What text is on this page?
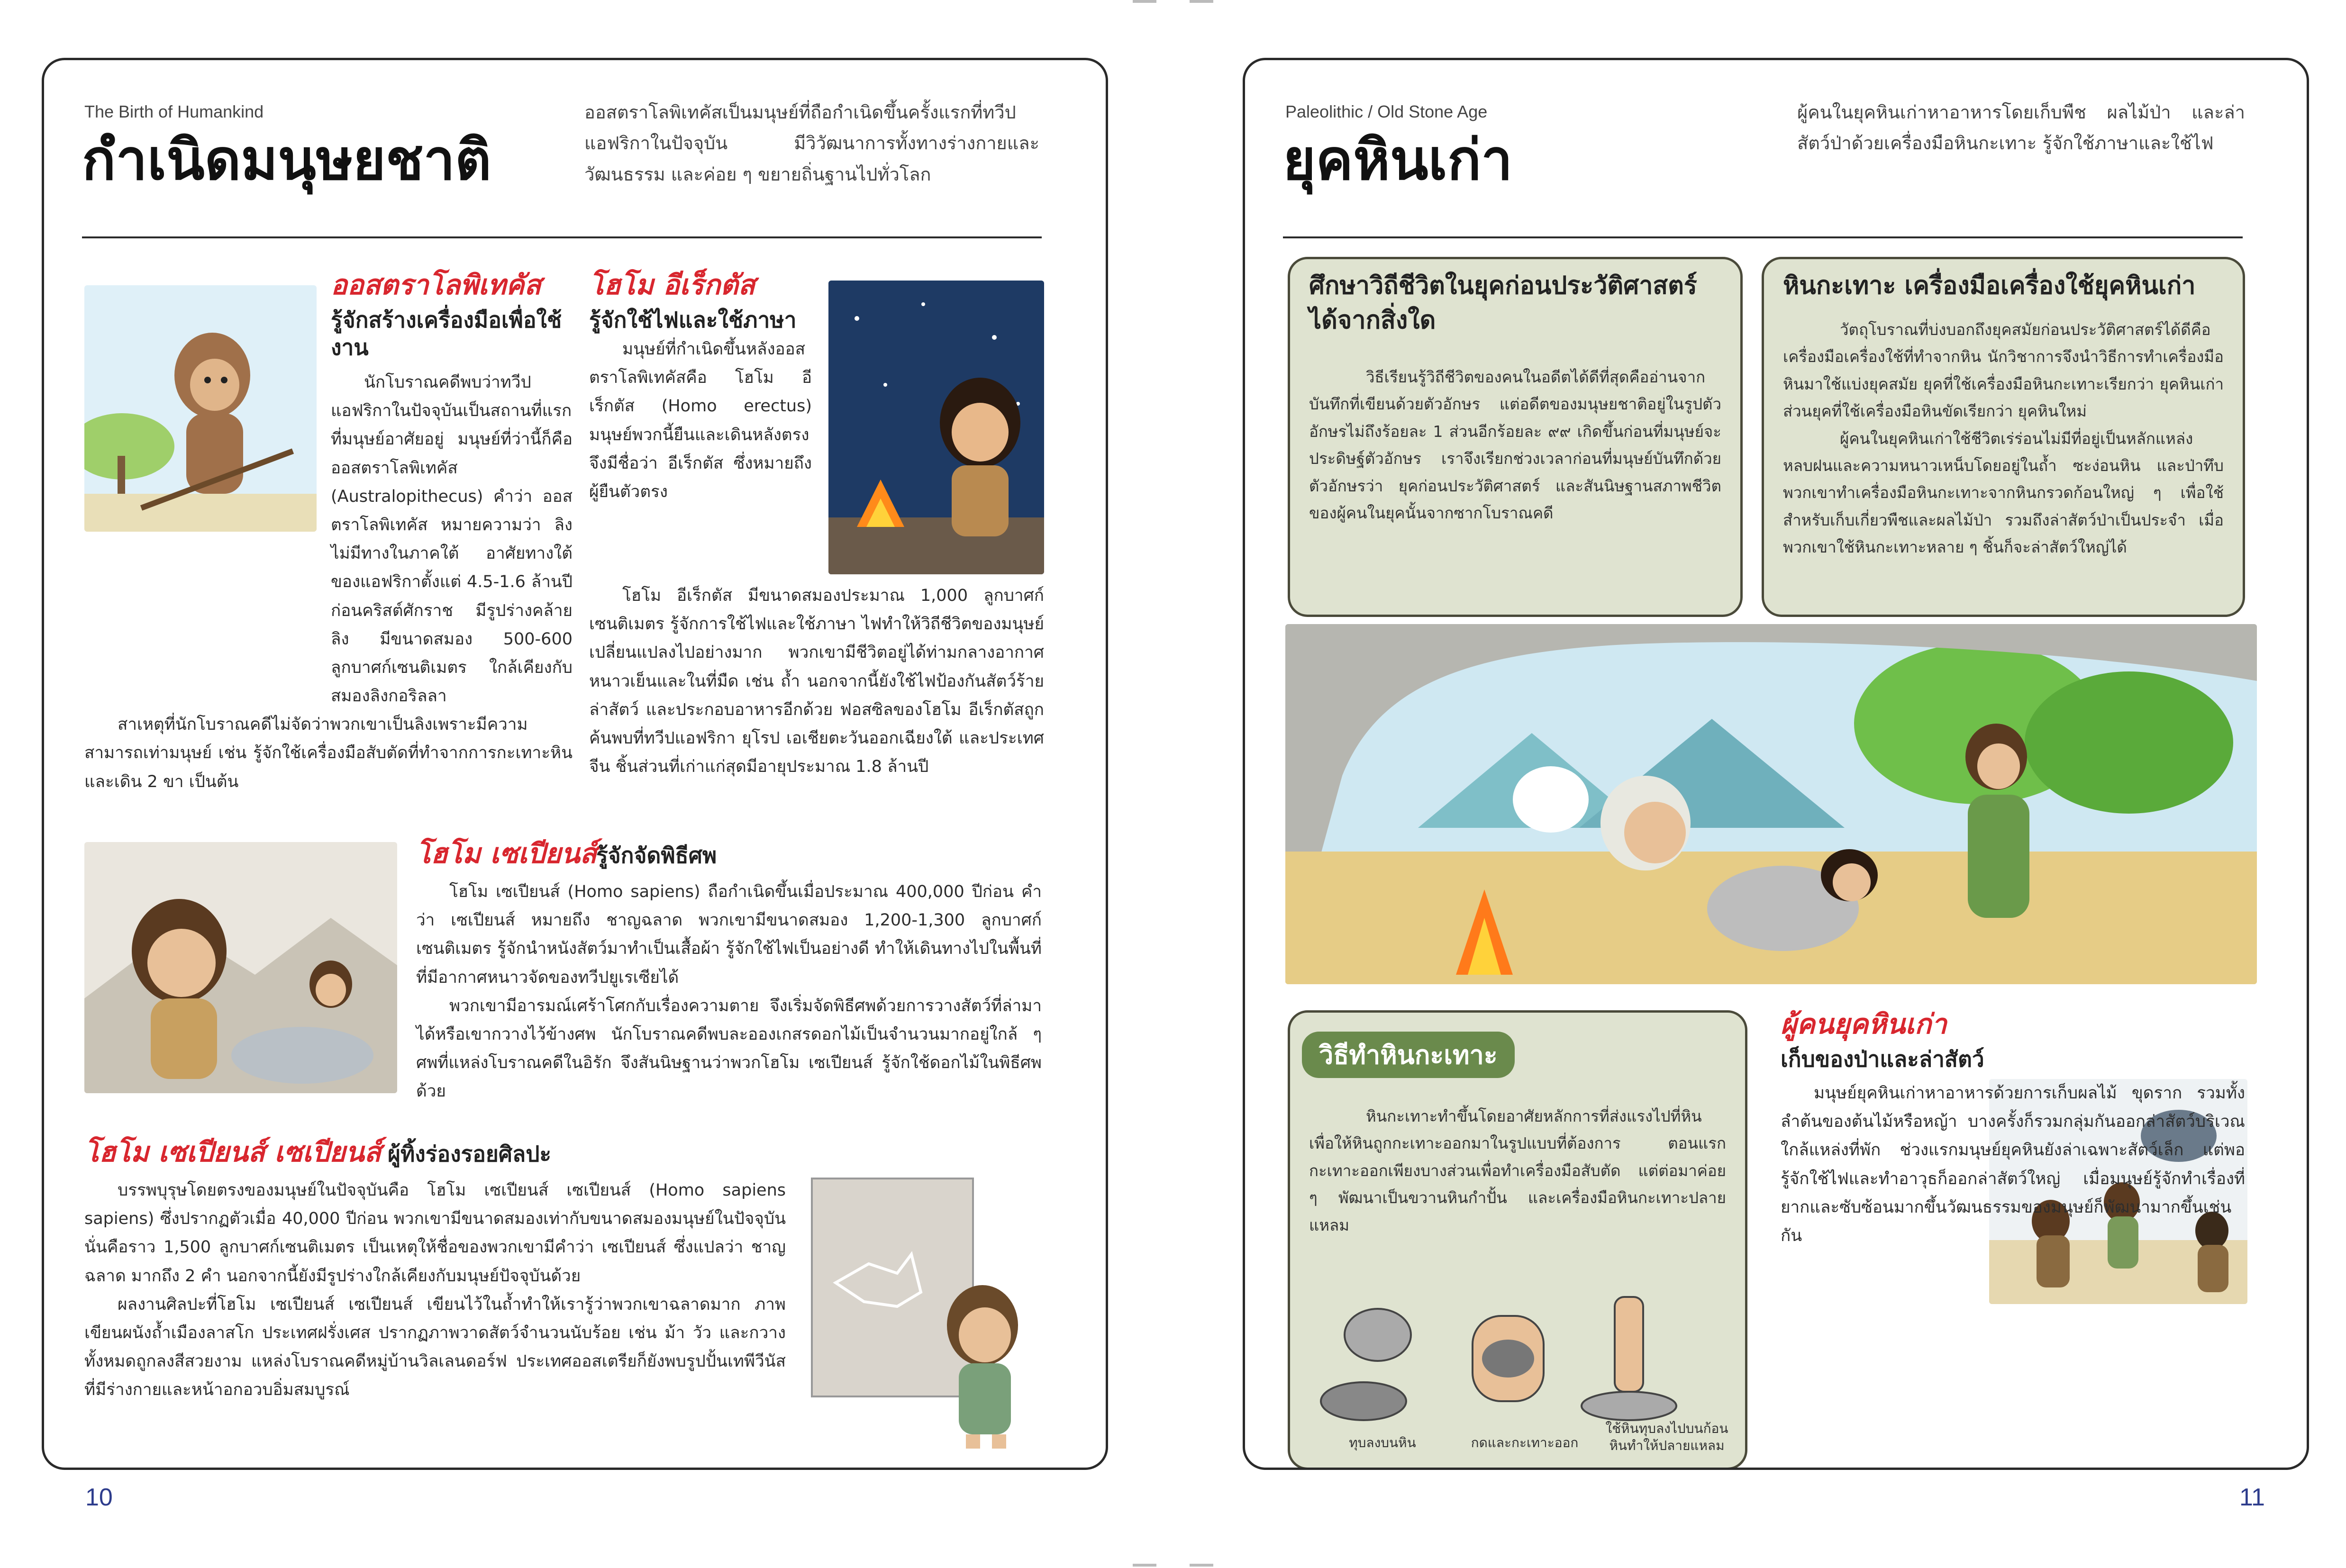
The Birth of Humankind
กำเนิดมนุษยชาติ
ออสตราโลพิเทคัสเป็นมนุษย์ที่ถือกำเนิดขึ้นครั้งแรกที่ทวีปแอฟริกาในปัจจุบัน มีวิวัฒนาการทั้งทางร่างกายและวัฒนธรรม และค่อย ๆ ขยายถิ่นฐานไปทั่วโลก
ออสตราโลพิเทคัส
รู้จักสร้างเครื่องมือเพื่อใช้งาน

นักโบราณคดีพบว่าทวีปแอฟริกาในปัจจุบันเป็นสถานที่แรกที่มนุษย์อาศัยอยู่ มนุษย์ที่ว่านี้ก็คือ ออสตราโลพิเทคัส (Australopithecus) คำว่า ออสตราโลพิเทคัส หมายความว่า ลิงไม่มีทางในภาคใต้ อาศัยทางใต้ของแอฟริกาตั้งแต่ 4.5-1.6 ล้านปีก่อนคริสต์ศักราช มีรูปร่างคล้ายลิง มีขนาดสมอง 500-600 ลูกบาศก์เซนติเมตร ใกล้เคียงกับสมองลิงกอริลลา

สาเหตุที่นักโบราณคดีไม่จัดว่าพวกเขาเป็นลิงเพราะมีความสามารถเท่ามนุษย์ เช่น รู้จักใช้เครื่องมือสับตัดที่ทำจากการกะเทาะหิน และเดิน 2 ขา เป็นต้น

โฮโม อีเร็กตัส
รู้จักใช้ไฟและใช้ภาษา

มนุษย์ที่กำเนิดขึ้นหลังออสตราโลพิเทคัสคือ โฮโม อีเร็กตัส (Homo erectus) มนุษย์พวกนี้ยืนและเดินหลังตรงจึงมีชื่อว่า อีเร็กตัส ซึ่งหมายถึง ผู้ยืนตัวตรง

โฮโม อีเร็กตัส มีขนาดสมองประมาณ 1,000 ลูกบาศก์เซนติเมตร รู้จักการใช้ไฟและใช้ภาษา ไฟทำให้วิถีชีวิตของมนุษย์เปลี่ยนแปลงไปอย่างมาก พวกเขามีชีวิตอยู่ได้ท่ามกลางอากาศหนาวเย็นและในที่มืด เช่น ถ้ำ นอกจากนี้ยังใช้ไฟป้องกันสัตว์ร้าย ล่าสัตว์ และประกอบอาหารอีกด้วย ฟอสซิลของโฮโม อีเร็กตัสถูกค้นพบที่ทวีปแอฟริกา ยุโรป เอเชียตะวันออกเฉียงใต้ และประเทศจีน ชิ้นส่วนที่เก่าแก่สุดมีอายุประมาณ 1.8 ล้านปี

โฮโม เซเปียนส์ รู้จักจัดพิธีศพ

โฮโม เซเปียนส์ (Homo sapiens) ถือกำเนิดขึ้นเมื่อประมาณ 400,000 ปีก่อน คำว่า เซเปียนส์ หมายถึง ชาญฉลาด พวกเขามีขนาดสมอง 1,200-1,300 ลูกบาศก์เซนติเมตร รู้จักนำหนังสัตว์มาทำเป็นเสื้อผ้า รู้จักใช้ไฟเป็นอย่างดี ทำให้เดินทางไปในพื้นที่ที่มีอากาศหนาวจัดของทวีปยูเรเซียได้

พวกเขามีอารมณ์เศร้าโศกกับเรื่องความตาย จึงเริ่มจัดพิธีศพด้วยการวางสัตว์ที่ล่ามาได้หรือเขากวางไว้ข้างศพ นักโบราณคดีพบละอองเกสรดอกไม้เป็นจำนวนมากอยู่ใกล้ ๆ ศพที่แหล่งโบราณคดีในอิรัก จึงสันนิษฐานว่าพวกโฮโม เซเปียนส์ รู้จักใช้ดอกไม้ในพิธีศพด้วย

โฮโม เซเปียนส์ เซเปียนส์ ผู้ทิ้งร่องรอยศิลปะ

บรรพบุรุษโดยตรงของมนุษย์ในปัจจุบันคือ โฮโม เซเปียนส์ เซเปียนส์ (Homo sapiens sapiens) ซึ่งปรากฏตัวเมื่อ 40,000 ปีก่อน พวกเขามีขนาดสมองเท่ากับขนาดสมองมนุษย์ในปัจจุบัน นั่นคือราว 1,500 ลูกบาศก์เซนติเมตร เป็นเหตุให้ชื่อของพวกเขามีคำว่า เซเปียนส์ ซึ่งแปลว่า ชาญฉลาด มากถึง 2 คำ นอกจากนี้ยังมีรูปร่างใกล้เคียงกับมนุษย์ปัจจุบันด้วย

ผลงานศิลปะที่โฮโม เซเปียนส์ เซเปียนส์ เขียนไว้ในถ้ำทำให้เรารู้ว่าพวกเขาฉลาดมาก ภาพเขียนผนังถ้ำเมืองลาสโก ประเทศฝรั่งเศส ปรากฏภาพวาดสัตว์จำนวนนับร้อย เช่น ม้า วัว และกวาง ทั้งหมดถูกลงสีสวยงาม แหล่งโบราณคดีหมู่บ้านวิลเลนดอร์ฟ ประเทศออสเตรียก็ยังพบรูปปั้นเทพีวีนัสที่มีร่างกายและหน้าอกอวบอิ่มสมบูรณ์

10
Paleolithic / Old Stone Age
ยุคหินเก่า
ผู้คนในยุคหินเก่าหาอาหารโดยเก็บพืช ผลไม้ป่า และล่าสัตว์ป่าด้วยเครื่องมือหินกะเทาะ รู้จักใช้ภาษาและใช้ไฟ
ศึกษาวิถีชีวิตในยุคก่อนประวัติศาสตร์ได้จากสิ่งใด

วิธีเรียนรู้วิถีชีวิตของคนในอดีตได้ดีที่สุดคืออ่านจากบันทึกที่เขียนด้วยตัวอักษร แต่อดีตของมนุษยชาติอยู่ในรูปตัวอักษรไม่ถึงร้อยละ 1 ส่วนอีกร้อยละ ๙๙ เกิดขึ้นก่อนที่มนุษย์จะประดิษฐ์ตัวอักษร เราจึงเรียกช่วงเวลาก่อนที่มนุษย์บันทึกด้วยตัวอักษรว่า ยุคก่อนประวัติศาสตร์ และสันนิษฐานสภาพชีวิตของผู้คนในยุคนั้นจากซากโบราณคดี

หินกะเทาะ เครื่องมือเครื่องใช้ยุคหินเก่า

วัตถุโบราณที่บ่งบอกถึงยุคสมัยก่อนประวัติศาสตร์ได้ดีคือเครื่องมือเครื่องใช้ที่ทำจากหิน นักวิชาการจึงนำวิธีการทำเครื่องมือหินมาใช้แบ่งยุคสมัย ยุคที่ใช้เครื่องมือหินกะเทาะเรียกว่า ยุคหินเก่า ส่วนยุคที่ใช้เครื่องมือหินขัดเรียกว่า ยุคหินใหม่

ผู้คนในยุคหินเก่าใช้ชีวิตเร่ร่อนไม่มีที่อยู่เป็นหลักแหล่ง หลบฝนและความหนาวเหน็บโดยอยู่ในถ้ำ ซะง่อนหิน และป่าทึบ พวกเขาทำเครื่องมือหินกะเทาะจากหินกรวดก้อนใหญ่ ๆ เพื่อใช้สำหรับเก็บเกี่ยวพืชและผลไม้ป่า รวมถึงล่าสัตว์ป่าเป็นประจำ เมื่อพวกเขาใช้หินกะเทาะหลาย ๆ ชิ้นก็จะล่าสัตว์ใหญ่ได้

วิธีทำหินกะเทาะ

หินกะเทาะทำขึ้นโดยอาศัยหลักการที่ส่งแรงไปที่หิน เพื่อให้หินถูกกะเทาะออกมาในรูปแบบที่ต้องการ ตอนแรกกะเทาะออกเพียงบางส่วนเพื่อทำเครื่องมือสับตัด แต่ต่อมาค่อย ๆ พัฒนาเป็นขวานหินกำปั้น และเครื่องมือหินกะเทาะปลายแหลม

ทุบลงบนหิน	กดและกะเทาะออก
ใช้หินทุบลงไปบนก้อนหินทำให้ปลายแหลม
ผู้คนยุคหินเก่า
เก็บของป่าและล่าสัตว์

มนุษย์ยุคหินเก่าหาอาหารด้วยการเก็บผลไม้ ขุดราก รวมทั้งลำต้นของต้นไม้หรือหญ้า บางครั้งก็รวมกลุ่มกันออกล่าสัตว์บริเวณใกล้แหล่งที่พัก ช่วงแรกมนุษย์ยุคหินยังล่าเฉพาะสัตว์เล็ก แต่พอรู้จักใช้ไฟและทำอาวุธก็ออกล่าสัตว์ใหญ่ เมื่อมนุษย์รู้จักทำเรื่องที่ยากและซับซ้อนมากขึ้นวัฒนธรรมของมนุษย์ก็พัฒนามากขึ้นเช่นกัน

11
